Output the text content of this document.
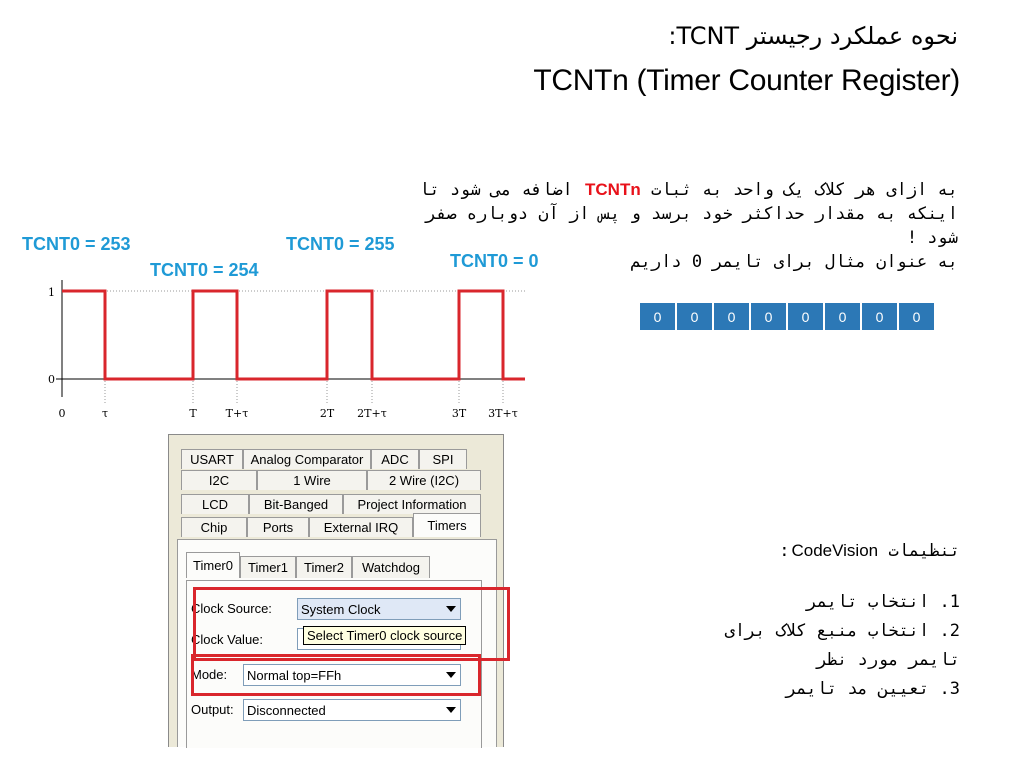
نحوه عملکرد رجیستر TCNT:
TCNTn (Timer Counter Register)
به ازای هر کلاک یک واحد به ثبات TCNTn اضافه می شود تا
اینکه به مقدار حداکثر خود برسد و پس از آن دوباره صفر
شود !
به عنوان مثال برای تایمر 0 داریم
TCNT0 = 253
TCNT0 = 254
TCNT0 = 255
TCNT0 = 0
0	0	0	0	0	0	0	0
1
0
0	τ	T	T+τ	2T 2T+τ	3T 3T+τ
تنظیمات CodeVision:
1. انتخاب تایمر
2. انتخاب منبع کلاک برای
تایمر مورد نظر
3. تعیین مد تایمر
USART	Analog Comparator	ADC	SPI
I2C	1 Wire	2 Wire (I2C)
LCD	Bit-Banged	Project Information
Chip	Ports	External IRQ	Timers
Timer0	Timer1	Timer2	Watchdog
Clock Source: System Clock
Clock Value:	Select Timer0 clock source
Mode: Normal top=FFh
Output: Disconnected
